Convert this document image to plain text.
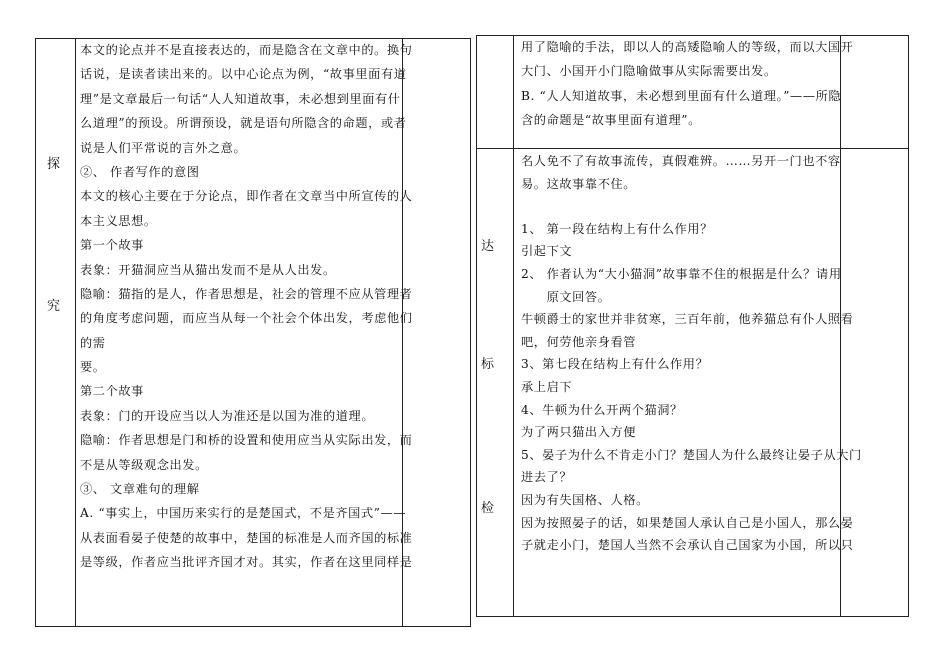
探
究
本文的论点并不是直接表达的，而是隐含在文章中的。换句
话说，是读者读出来的。以中心论点为例，“故事里面有道
理”是文章最后一句话“人人知道故事，未必想到里面有什
么道理”的预设。所谓预设，就是语句所隐含的命题，或者
说是人们平常说的言外之意。
②、 作者写作的意图
本文的核心主要在于分论点，即作者在文章当中所宣传的人
本主义思想。
第一个故事
表象：开猫洞应当从猫出发而不是从人出发。
隐喻：猫指的是人，作者思想是，社会的管理不应从管理者
的角度考虑问题，而应当从每一个社会个体出发，考虑他们
的需
要。
第二个故事
表象：门的开设应当以人为准还是以国为准的道理。
隐喻：作者思想是门和桥的设置和使用应当从实际出发，而
不是从等级观念出发。
③、 文章难句的理解
A. “事实上，中国历来实行的是楚国式，不是齐国式”——
从表面看晏子使楚的故事中，楚国的标准是人而齐国的标准
是等级，作者应当批评齐国才对。其实，作者在这里同样是
达
标
检
用了隐喻的手法，即以人的高矮隐喻人的等级，而以大国开
大门、小国开小门隐喻做事从实际需要出发。
B. “人人知道故事，未必想到里面有什么道理。”——所隐
含的命题是“故事里面有道理”。
名人免不了有故事流传，真假难辨。……另开一门也不容
易。这故事靠不住。
1、 第一段在结构上有什么作用？
引起下文
2、 作者认为“大小猫洞”故事靠不住的根据是什么？请用
　　原文回答。
牛顿爵士的家世并非贫寒，三百年前，他养猫总有仆人照看
吧，何劳他亲身看管
3、第七段在结构上有什么作用？
承上启下
4、牛顿为什么开两个猫洞？
为了两只猫出入方便
5、晏子为什么不肯走小门？楚国人为什么最终让晏子从大门
进去了？
因为有失国格、人格。
因为按照晏子的话，如果楚国人承认自己是小国人，那么晏
子就走小门，楚国人当然不会承认自己国家为小国，所以只
